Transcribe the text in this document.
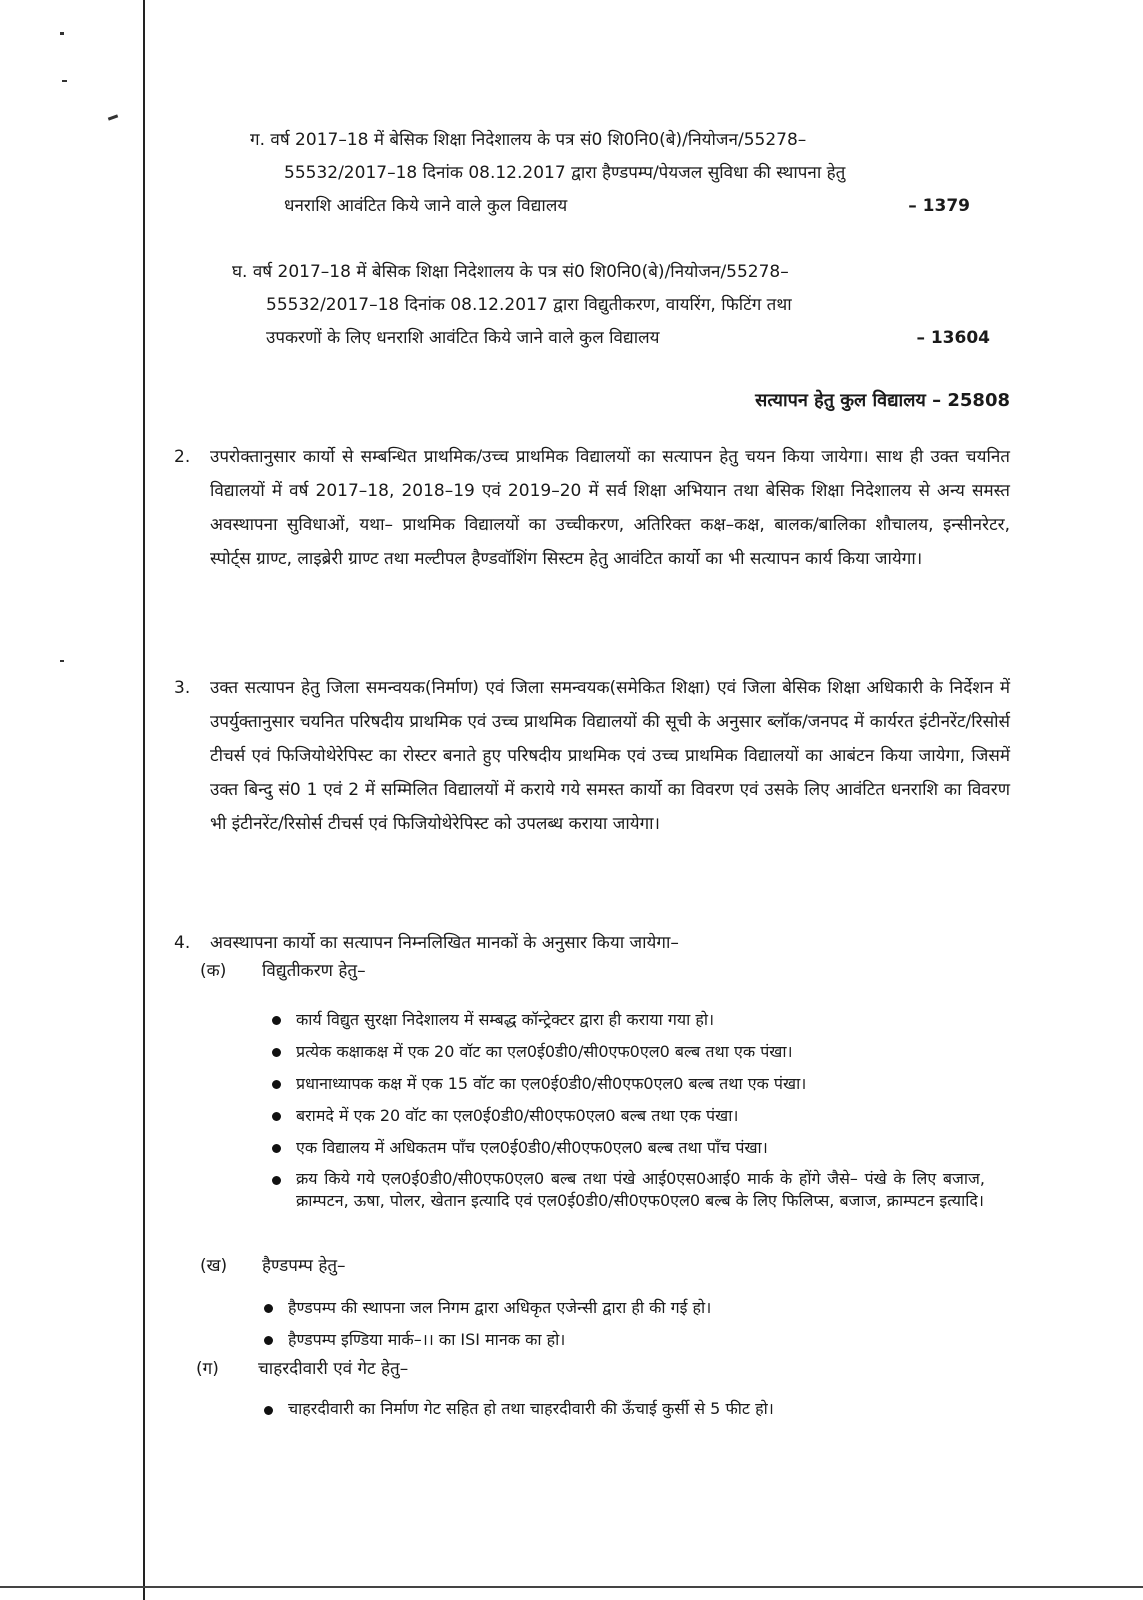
ग. वर्ष 2017–18 में बेसिक शिक्षा निदेशालय के पत्र सं0 शि0नि0(बे)/नियोजन/55278–

55532/2017–18 दिनांक 08.12.2017 द्वारा हैण्डपम्प/पेयजल सुविधा की स्थापना हेतु

धनराशि आवंटित किये जाने वाले कुल विद्यालय	– 1379

घ. वर्ष 2017–18 में बेसिक शिक्षा निदेशालय के पत्र सं0 शि0नि0(बे)/नियोजन/55278–

55532/2017–18 दिनांक 08.12.2017 द्वारा विद्युतीकरण, वायरिंग, फिटिंग तथा

उपकरणों के लिए धनराशि आवंटित किये जाने वाले कुल विद्यालय	– 13604

सत्यापन हेतु कुल विद्यालय – 25808
2. उपरोक्तानुसार कार्यो से सम्बन्धित प्राथमिक/उच्च प्राथमिक विद्यालयों का सत्यापन हेतु चयन किया जायेगा। साथ ही उक्त चयनित विद्यालयों में वर्ष 2017–18, 2018–19 एवं 2019–20 में सर्व शिक्षा अभियान तथा बेसिक शिक्षा निदेशालय से अन्य समस्त अवस्थापना सुविधाओं, यथा– प्राथमिक विद्यालयों का उच्चीकरण, अतिरिक्त कक्ष–कक्ष, बालक/बालिका शौचालय, इन्सीनरेटर, स्पोर्ट्स ग्राण्ट, लाइब्रेरी ग्राण्ट तथा मल्टीपल हैण्डवॉशिंग सिस्टम हेतु आवंटित कार्यो का भी सत्यापन कार्य किया जायेगा।
3. उक्त सत्यापन हेतु जिला समन्वयक(निर्माण) एवं जिला समन्वयक(समेकित शिक्षा) एवं जिला बेसिक शिक्षा अधिकारी के निर्देशन में उपर्युक्तानुसार चयनित परिषदीय प्राथमिक एवं उच्च प्राथमिक विद्यालयों की सूची के अनुसार ब्लॉक/जनपद में कार्यरत इंटीनरेंट/रिसोर्स टीचर्स एवं फिजियोथेरेपिस्ट का रोस्टर बनाते हुए परिषदीय प्राथमिक एवं उच्च प्राथमिक विद्यालयों का आबंटन किया जायेगा, जिसमें उक्त बिन्दु सं0 1 एवं 2 में सम्मिलित विद्यालयों में कराये गये समस्त कार्यो का विवरण एवं उसके लिए आवंटित धनराशि का विवरण भी इंटीनरेंट/रिसोर्स टीचर्स एवं फिजियोथेरेपिस्ट को उपलब्ध कराया जायेगा।
4. अवस्थापना कार्यो का सत्यापन निम्नलिखित मानकों के अनुसार किया जायेगा–
(क) विद्युतीकरण हेतु–
कार्य विद्युत सुरक्षा निदेशालय में सम्बद्ध कॉन्ट्रेक्टर द्वारा ही कराया गया हो।
प्रत्येक कक्षाकक्ष में एक 20 वॉट का एल0ई0डी0/सी0एफ0एल0 बल्ब तथा एक पंखा।
प्रधानाध्यापक कक्ष में एक 15 वॉट का एल0ई0डी0/सी0एफ0एल0 बल्ब तथा एक पंखा।
बरामदे में एक 20 वॉट का एल0ई0डी0/सी0एफ0एल0 बल्ब तथा एक पंखा।
एक विद्यालय में अधिकतम पाँच एल0ई0डी0/सी0एफ0एल0 बल्ब तथा पाँच पंखा।
क्रय किये गये एल0ई0डी0/सी0एफ0एल0 बल्ब तथा पंखे आई0एस0आई0 मार्क के होंगे जैसे– पंखे के लिए बजाज, क्राम्पटन, ऊषा, पोलर, खेतान इत्यादि एवं एल0ई0डी0/सी0एफ0एल0 बल्ब के लिए फिलिप्स, बजाज, क्राम्पटन इत्यादि।
(ख) हैण्डपम्प हेतु–
हैण्डपम्प की स्थापना जल निगम द्वारा अधिकृत एजेन्सी द्वारा ही की गई हो।
हैण्डपम्प इण्डिया मार्क–।। का ISI मानक का हो।
(ग) चाहरदीवारी एवं गेट हेतु–
चाहरदीवारी का निर्माण गेट सहित हो तथा चाहरदीवारी की ऊँचाई कुर्सी से 5 फीट हो।
